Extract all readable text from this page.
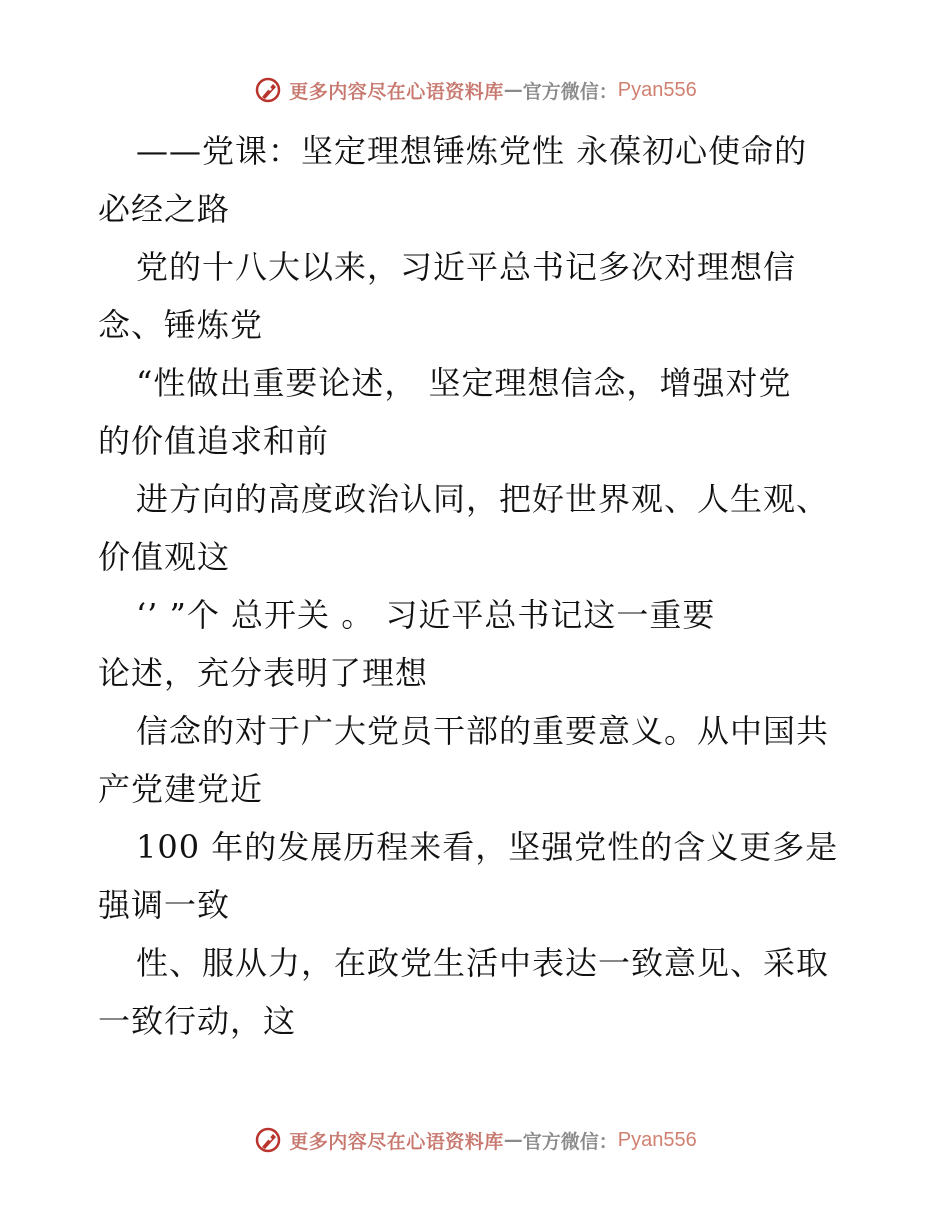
更多内容尽在心语资料库 — 官方微信： Pyan556

——党课：坚定理想锤炼党性 永葆初心使命的
必经之路

党的十八大以来，习近平总书记多次对理想信
念、锤炼党

“性做出重要论述， 坚定理想信念，增强对党
的价值追求和前

进方向的高度政治认同，把好世界观、人生观、
价值观这

‘’ ”个 总开关 。 习近平总书记这一重要
论述，充分表明了理想

信念的对于广大党员干部的重要意义。从中国共
产党建党近

100 年的发展历程来看，坚强党性的含义更多是
强调一致

性、服从力，在政党生活中表达一致意见、采取
一致行动，这

更多内容尽在心语资料库 — 官方微信： Pyan556
